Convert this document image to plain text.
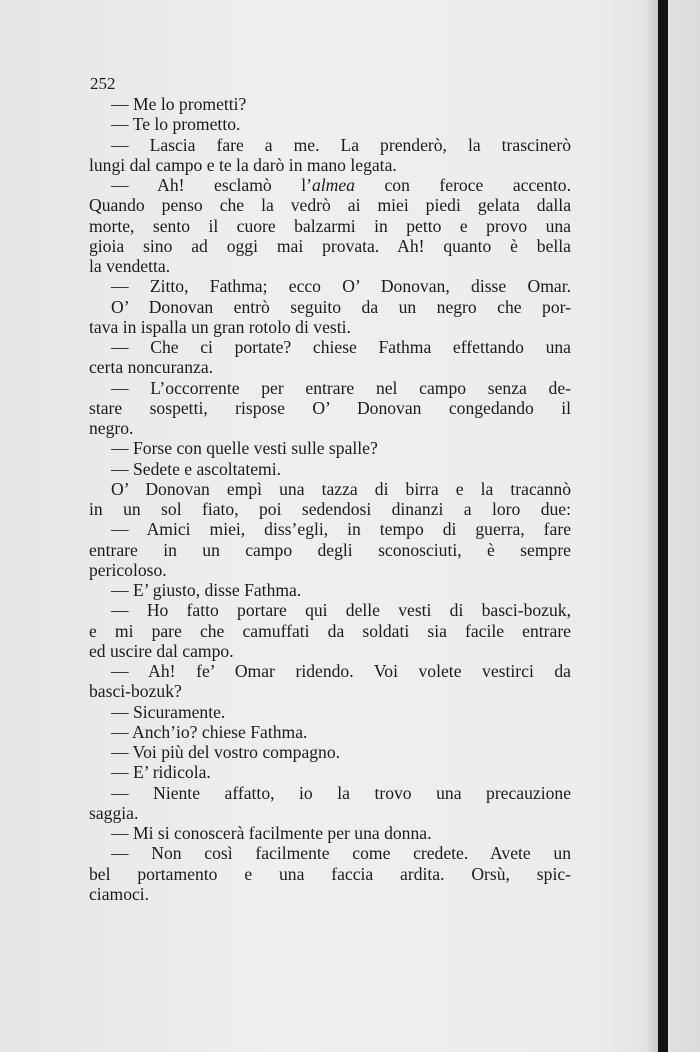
252
— Me lo prometti?
— Te lo prometto.
— Lascia fare a me. La prenderò, la trascinerò
lungi dal campo e te la darò in mano legata.
— Ah! esclamò l’almea con feroce accento.
Quando penso che la vedrò ai miei piedi gelata dalla
morte, sento il cuore balzarmi in petto e provo una
gioia sino ad oggi mai provata. Ah! quanto è bella
la vendetta.
— Zitto, Fathma; ecco O’ Donovan, disse Omar.
O’ Donovan entrò seguito da un negro che por-
tava in ispalla un gran rotolo di vesti.
— Che ci portate? chiese Fathma effettando una
certa noncuranza.
— L’occorrente per entrare nel campo senza de-
stare sospetti, rispose O’ Donovan congedando il
negro.
— Forse con quelle vesti sulle spalle?
— Sedete e ascoltatemi.
O’ Donovan empì una tazza di birra e la tracannò
in un sol fiato, poi sedendosi dinanzi a loro due:
— Amici miei, diss’egli, in tempo di guerra, fare
entrare in un campo degli sconosciuti, è sempre
pericoloso.
— E’ giusto, disse Fathma.
— Ho fatto portare qui delle vesti di basci-bozuk,
e mi pare che camuffati da soldati sia facile entrare
ed uscire dal campo.
— Ah! fe’ Omar ridendo. Voi volete vestirci da
basci-bozuk?
— Sicuramente.
— Anch’io? chiese Fathma.
— Voi più del vostro compagno.
— E’ ridicola.
— Niente affatto, io la trovo una precauzione
saggia.
— Mi si conoscerà facilmente per una donna.
— Non così facilmente come credete. Avete un
bel portamento e una faccia ardita. Orsù, spic-
ciamoci.
